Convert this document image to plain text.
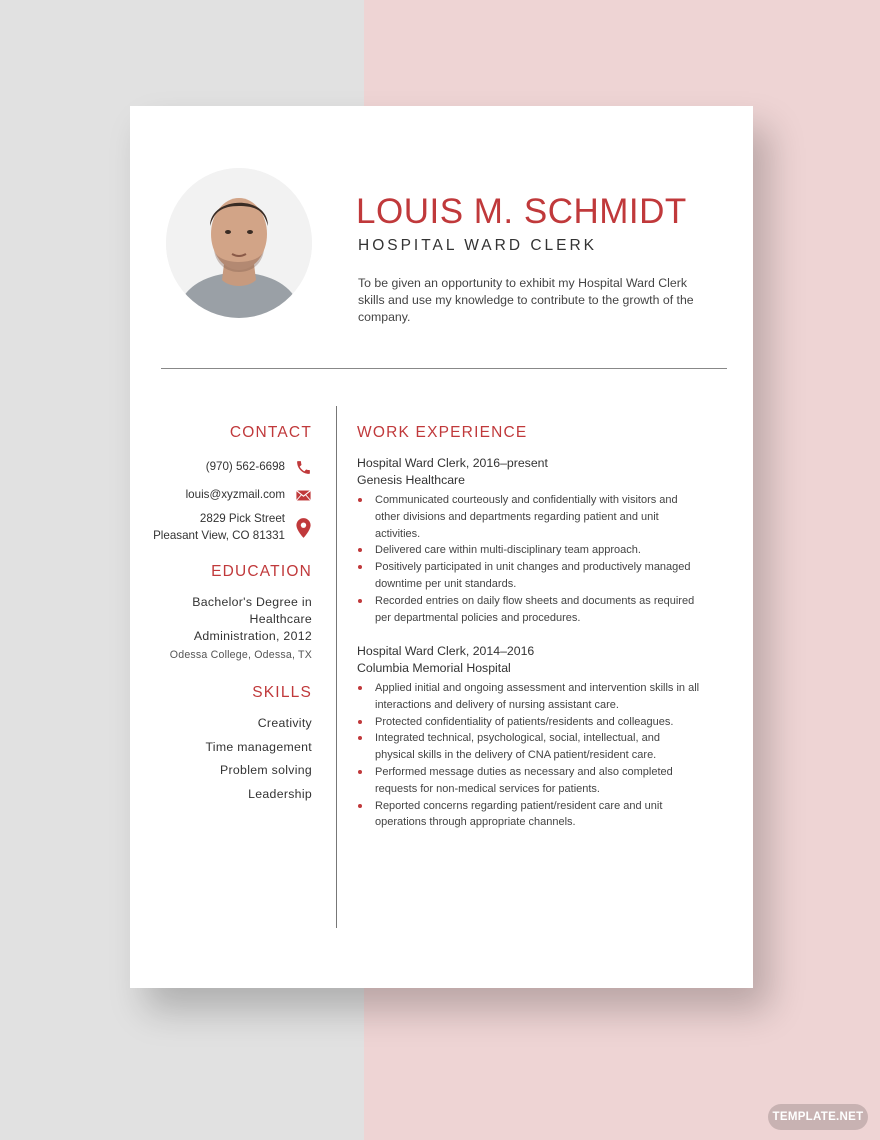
LOUIS M. SCHMIDT
HOSPITAL WARD CLERK
To be given an opportunity to exhibit my Hospital Ward Clerk skills and use my knowledge to contribute to the growth of the company.
CONTACT
(970) 562-6698
louis@xyzmail.com
2829 Pick Street
Pleasant View, CO 81331
EDUCATION
Bachelor's Degree in
Healthcare
Administration, 2012
Odessa College, Odessa, TX
SKILLS
Creativity
Time management
Problem solving
Leadership
WORK EXPERIENCE
Hospital Ward Clerk, 2016–present
Genesis Healthcare
Communicated courteously and confidentially with visitors and other divisions and departments regarding patient and unit activities.
Delivered care within multi-disciplinary team approach.
Positively participated in unit changes and productively managed downtime per unit standards.
Recorded entries on daily flow sheets and documents as required per departmental policies and procedures.
Hospital Ward Clerk, 2014–2016
Columbia Memorial Hospital
Applied initial and ongoing assessment and intervention skills in all interactions and delivery of nursing assistant care.
Protected confidentiality of patients/residents and colleagues.
Integrated technical, psychological, social, intellectual, and physical skills in the delivery of CNA patient/resident care.
Performed message duties as necessary and also completed requests for non-medical services for patients.
Reported concerns regarding patient/resident care and unit operations through appropriate channels.
TEMPLATE.NET
